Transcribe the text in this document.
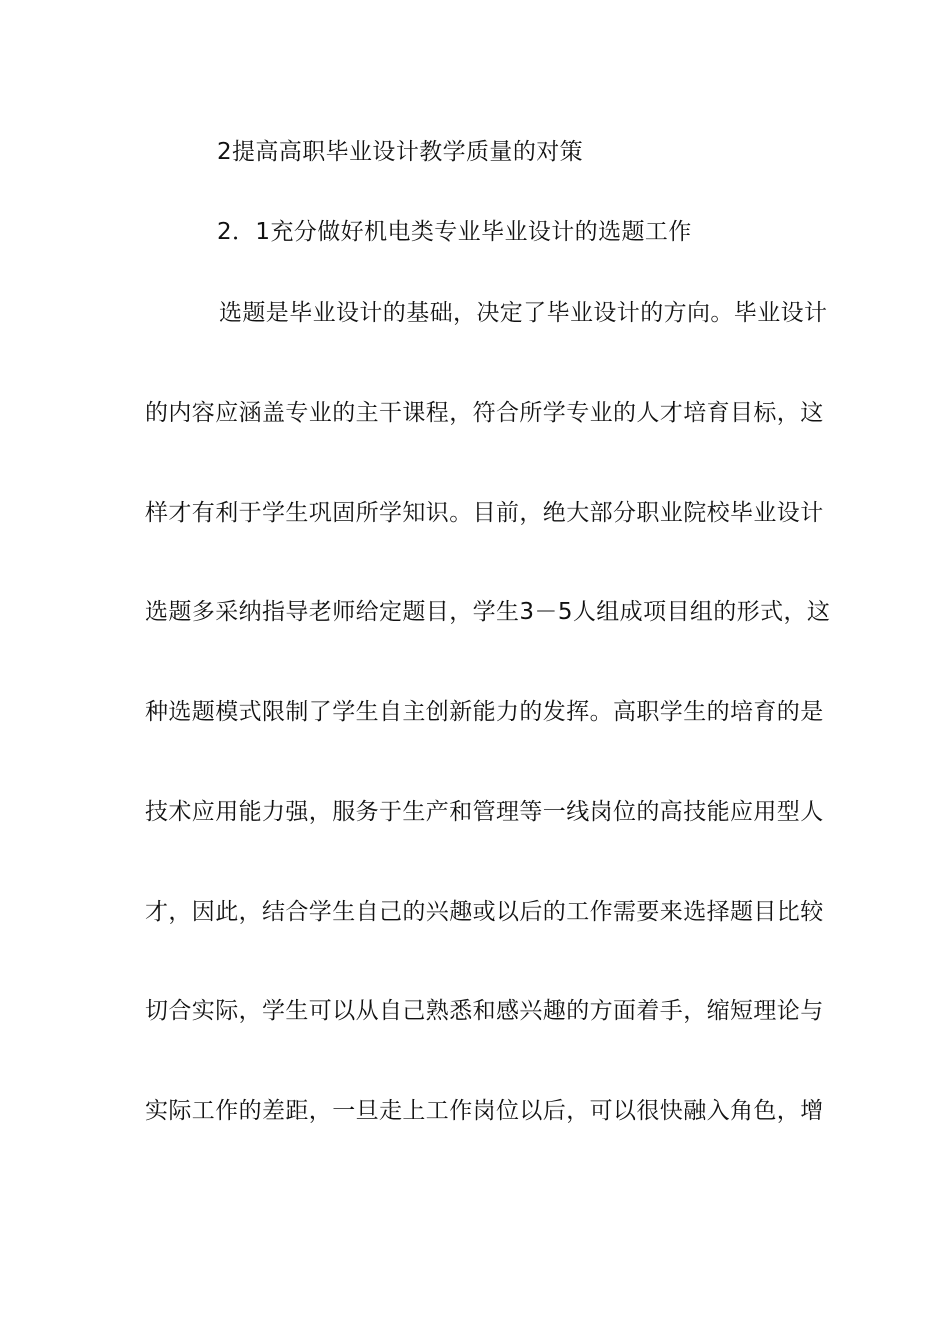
2提高高职毕业设计教学质量的对策
2．1充分做好机电类专业毕业设计的选题工作
选题是毕业设计的基础，决定了毕业设计的方向。毕业设计
的内容应涵盖专业的主干课程，符合所学专业的人才培育目标，这
样才有利于学生巩固所学知识。目前，绝大部分职业院校毕业设计
选题多采纳指导老师给定题目，学生3－5人组成项目组的形式，这
种选题模式限制了学生自主创新能力的发挥。高职学生的培育的是
技术应用能力强，服务于生产和管理等一线岗位的高技能应用型人
才，因此，结合学生自己的兴趣或以后的工作需要来选择题目比较
切合实际，学生可以从自己熟悉和感兴趣的方面着手，缩短理论与
实际工作的差距，一旦走上工作岗位以后，可以很快融入角色，增
